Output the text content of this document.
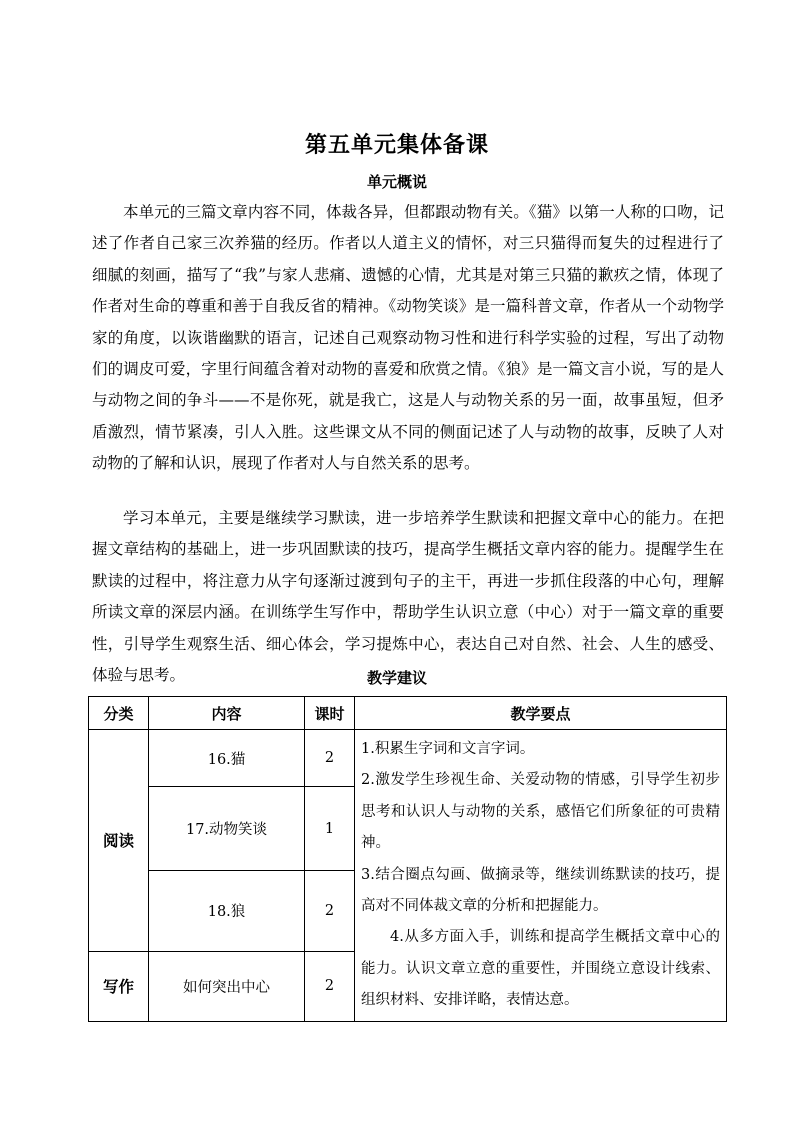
第五单元集体备课
单元概说

本单元的三篇文章内容不同，体裁各异，但都跟动物有关。《猫》以第一人称的口吻，记述了作者自己家三次养猫的经历。作者以人道主义的情怀，对三只猫得而复失的过程进行了细腻的刻画，描写了“我”与家人悲痛、遗憾的心情，尤其是对第三只猫的歉疚之情，体现了作者对生命的尊重和善于自我反省的精神。《动物笑谈》是一篇科普文章，作者从一个动物学家的角度，以诙谐幽默的语言，记述自己观察动物习性和进行科学实验的过程，写出了动物们的调皮可爱，字里行间蕴含着对动物的喜爱和欣赏之情。《狼》是一篇文言小说，写的是人与动物之间的争斗——不是你死，就是我亡，这是人与动物关系的另一面，故事虽短，但矛盾激烈，情节紧凑，引人入胜。这些课文从不同的侧面记述了人与动物的故事，反映了人对动物的了解和认识，展现了作者对人与自然关系的思考。

学习本单元，主要是继续学习默读，进一步培养学生默读和把握文章中心的能力。在把握文章结构的基础上，进一步巩固默读的技巧，提高学生概括文章内容的能力。提醒学生在默读的过程中，将注意力从字句逐渐过渡到句子的主干，再进一步抓住段落的中心句，理解所读文章的深层内涵。在训练学生写作中，帮助学生认识立意（中心）对于一篇文章的重要性，引导学生观察生活、细心体会，学习提炼中心，表达自己对自然、社会、人生的感受、体验与思考。	教学建议
分类	内容	课时	教学要点
阅读	16.猫	2	1.积累生字词和文言字词。

2.激发学生珍视生命、关爱动物的情感，引导学生初步思考和认识人与动物的关系，感悟它们所象征的可贵精神。

3.结合圈点勾画、做摘录等，继续训练默读的技巧，提高对不同体裁文章的分析和把握能力。

4.从多方面入手，训练和提高学生概括文章中心的能力。认识文章立意的重要性，并围绕立意设计线索、组织材料、安排详略，表情达意。

	17.动物笑谈	1	
	18.狼	2	
写作	如何突出中心	2	
